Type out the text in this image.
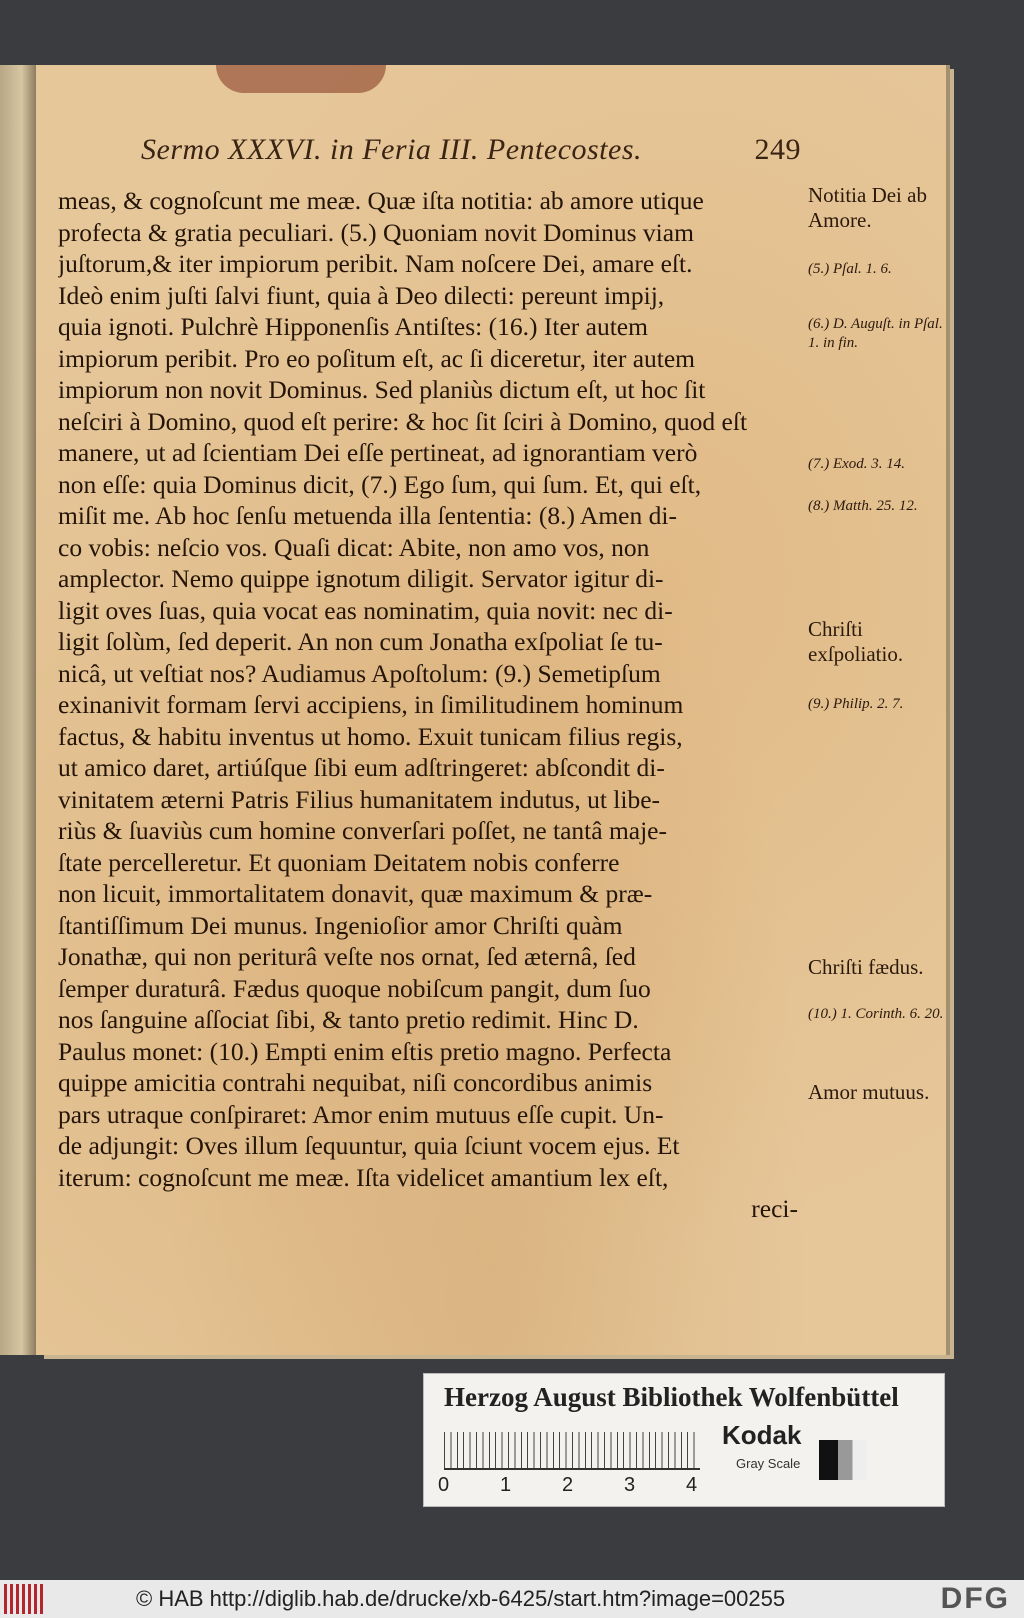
Sermo XXXVI. in Feria III. Pentecostes.	249
meas, & cognoſcunt me meæ. Quæ iſta notitia: ab amore utique
profecta & gratia peculiari. (5.) Quoniam novit Dominus viam
juſtorum,& iter impiorum peribit. Nam noſcere Dei, amare eſt.
Ideò enim juſti ſalvi fiunt, quia à Deo dilecti: pereunt impij,
quia ignoti. Pulchrè Hipponenſis Antiſtes: (16.) Iter autem
impiorum peribit. Pro eo poſitum eſt, ac ſi diceretur, iter autem
impiorum non novit Dominus. Sed planiùs dictum eſt, ut hoc ſit
neſciri à Domino, quod eſt perire: & hoc ſit ſciri à Domino, quod eſt
manere, ut ad ſcientiam Dei eſſe pertineat, ad ignorantiam verò
non eſſe: quia Dominus dicit, (7.) Ego ſum, qui ſum. Et, qui eſt,
miſit me. Ab hoc ſenſu metuenda illa ſententia: (8.) Amen di-
co vobis: neſcio vos. Quaſi dicat: Abite, non amo vos, non
amplector. Nemo quippe ignotum diligit. Servator igitur di-
ligit oves ſuas, quia vocat eas nominatim, quia novit: nec di-
ligit ſolùm, ſed deperit. An non cum Jonatha exſpoliat ſe tu-
nicâ, ut veſtiat nos? Audiamus Apoſtolum: (9.) Semetipſum
exinanivit formam ſervi accipiens, in ſimilitudinem hominum
factus, & habitu inventus ut homo. Exuit tunicam filius regis,
ut amico daret, artiúſque ſibi eum adſtringeret: abſcondit di-
vinitatem æterni Patris Filius humanitatem indutus, ut libe-
riùs & ſuaviùs cum homine converſari poſſet, ne tantâ maje-
ſtate percelleretur. Et quoniam Deitatem nobis conferre
non licuit, immortalitatem donavit, quæ maximum & præ-
ſtantiſſimum Dei munus. Ingenioſior amor Chriſti quàm
Jonathæ, qui non periturâ veſte nos ornat, ſed æternâ, ſed
ſemper duraturâ. Fædus quoque nobiſcum pangit, dum ſuo
nos ſanguine aſſociat ſibi, & tanto pretio redimit. Hinc D.
Paulus monet: (10.) Empti enim eſtis pretio magno. Perfecta
quippe amicitia contrahi nequibat, niſi concordibus animis
pars utraque conſpiraret: Amor enim mutuus eſſe cupit. Un-
de adjungit: Oves illum ſequuntur, quia ſciunt vocem ejus. Et
iterum: cognoſcunt me meæ. Iſta videlicet amantium lex eſt,
reci-
Notitia Dei ab Amore.
(5.) Pſal. 1. 6.
(6.) D. Auguſt. in Pſal. 1. in fin.
(7.) Exod. 3. 14.
(8.) Matth. 25. 12.
Chriſti exſpoliatio.
(9.) Philip. 2. 7.
Chriſti fædus.
(10.) 1. Corinth. 6. 20.
Amor mutuus.
Herzog August Bibliothek Wolfenbüttel
0	1	2	3	4
Kodak
Gray Scale
© HAB http://diglib.hab.de/drucke/xb-6425/start.htm?image=00255	DFG
